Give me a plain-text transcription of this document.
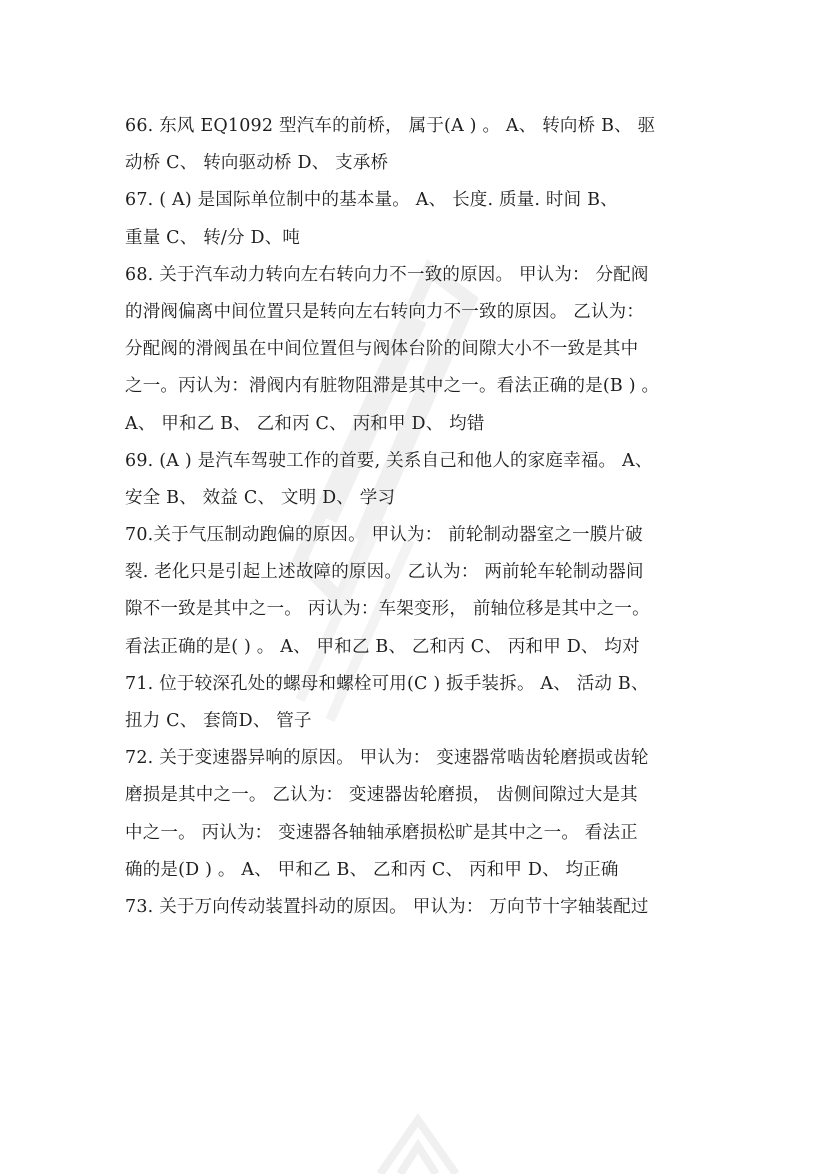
66. 东风 EQ1092 型汽车的前桥， 属于(A ) 。 A、 转向桥 B、 驱
动桥 C、 转向驱动桥 D、 支承桥
67. ( A) 是国际单位制中的基本量。 A、 长度. 质量. 时间 B、
重量 C、 转/分 D、吨
68. 关于汽车动力转向左右转向力不一致的原因。 甲认为： 分配阀
的滑阀偏离中间位置只是转向左右转向力不一致的原因。 乙认为：
分配阀的滑阀虽在中间位置但与阀体台阶的间隙大小不一致是其中
之一。丙认为：滑阀内有脏物阻滞是其中之一。看法正确的是(B ) 。
A、 甲和乙 B、 乙和丙 C、 丙和甲 D、 均错
69. (A ) 是汽车驾驶工作的首要, 关系自己和他人的家庭幸福。 A、
安全 B、 效益 C、 文明 D、 学习
70.关于气压制动跑偏的原因。 甲认为： 前轮制动器室之一膜片破
裂. 老化只是引起上述故障的原因。 乙认为： 两前轮车轮制动器间
隙不一致是其中之一。 丙认为：车架变形， 前轴位移是其中之一。
看法正确的是( ) 。 A、 甲和乙 B、 乙和丙 C、 丙和甲 D、 均对
71. 位于较深孔处的螺母和螺栓可用(C ) 扳手装拆。 A、 活动 B、
扭力 C、 套筒D、 管子
72. 关于变速器异响的原因。 甲认为： 变速器常啮齿轮磨损或齿轮
磨损是其中之一。 乙认为： 变速器齿轮磨损， 齿侧间隙过大是其
中之一。 丙认为： 变速器各轴轴承磨损松旷是其中之一。 看法正
确的是(D ) 。 A、 甲和乙 B、 乙和丙 C、 丙和甲 D、 均正确
73. 关于万向传动装置抖动的原因。 甲认为： 万向节十字轴装配过
